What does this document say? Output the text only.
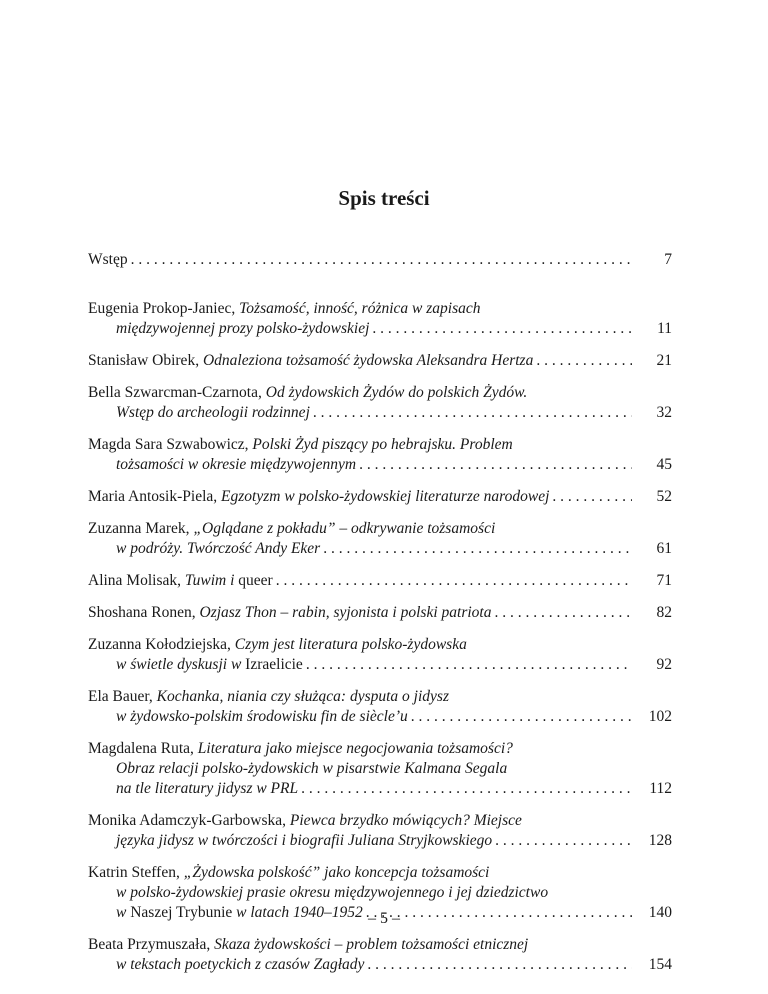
Spis treści
Wstęp . . .	7
Eugenia Prokop-Janiec, Tożsamość, inność, różnica w zapisach
międzywojennej prozy polsko-żydowskiej . . .	11
Stanisław Obirek, Odnaleziona tożsamość żydowska Aleksandra Hertza . . .	21
Bella Szwarcman-Czarnota, Od żydowskich Żydów do polskich Żydów.
Wstęp do archeologii rodzinnej . . .	32
Magda Sara Szwabowicz, Polski Żyd piszący po hebrajsku. Problem
tożsamości w okresie międzywojennym . . .	45
Maria Antosik-Piela, Egzotyzm w polsko-żydowskiej literaturze narodowej . . .	52
Zuzanna Marek, „Oglądane z pokładu” – odkrywanie tożsamości
w podróży. Twórczość Andy Eker . . .	61
Alina Molisak, Tuwim i queer . . .	71
Shoshana Ronen, Ozjasz Thon – rabin, syjonista i polski patriota . . .	82
Zuzanna Kołodziejska, Czym jest literatura polsko-żydowska
w świetle dyskusji w Izraelicie . . .	92
Ela Bauer, Kochanka, niania czy służąca: dysputa o jidysz
w żydowsko-polskim środowisku fin de siècle’u . . .	102
Magdalena Ruta, Literatura jako miejsce negocjowania tożsamości?
Obraz relacji polsko-żydowskich w pisarstwie Kalmana Segala
na tle literatury jidysz w PRL . . .	112
Monika Adamczyk-Garbowska, Piewca brzydko mówiących? Miejsce
języka jidysz w twórczości i biografii Juliana Stryjkowskiego . . .	128
Katrin Steffen, „Żydowska polskość” jako koncepcja tożsamości
w polsko-żydowskiej prasie okresu międzywojennego i jej dziedzictwo
w Naszej Trybunie w latach 1940–1952 . . .	140
Beata Przymuszała, Skaza żydowskości – problem tożsamości etnicznej
w tekstach poetyckich z czasów Zagłady . . .	154
– 5 –
